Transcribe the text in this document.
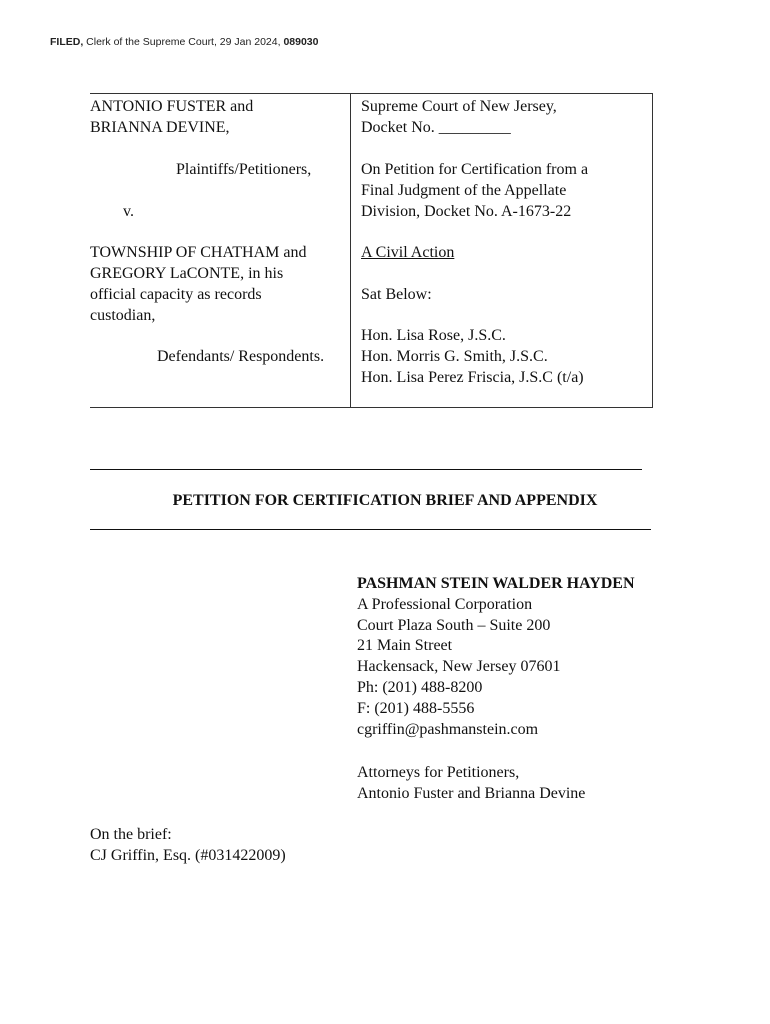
FILED, Clerk of the Supreme Court, 29 Jan 2024, 089030
ANTONIO FUSTER and
BRIANNA DEVINE,
Plaintiffs/Petitioners,
v.
TOWNSHIP OF CHATHAM and
GREGORY LaCONTE, in his
official capacity as records
custodian,
Defendants/ Respondents.
Supreme Court of New Jersey,
Docket No. _________
On Petition for Certification from a
Final Judgment of the Appellate
Division, Docket No. A-1673-22
A Civil Action
Sat Below:
Hon. Lisa Rose, J.S.C.
Hon. Morris G. Smith, J.S.C.
Hon. Lisa Perez Friscia, J.S.C (t/a)
PETITION FOR CERTIFICATION BRIEF AND APPENDIX
PASHMAN STEIN WALDER HAYDEN
A Professional Corporation
Court Plaza South – Suite 200
21 Main Street
Hackensack, New Jersey 07601
Ph: (201) 488-8200
F: (201) 488-5556
cgriffin@pashmanstein.com
Attorneys for Petitioners,
Antonio Fuster and Brianna Devine
On the brief:
CJ Griffin, Esq. (#031422009)
